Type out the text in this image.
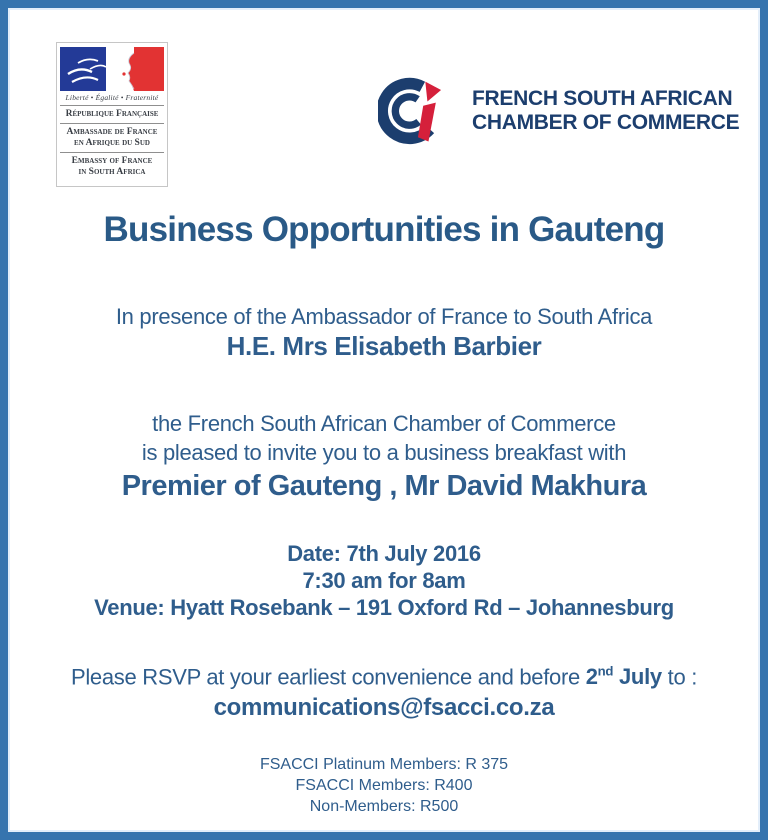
Liberté • Égalité • Fraternité
République Française
Ambassade de France
en Afrique du Sud
Embassy of France
in South Africa
FRENCH SOUTH AFRICAN
CHAMBER OF COMMERCE
Business Opportunities in Gauteng
In presence of the Ambassador of France to South Africa
H.E. Mrs Elisabeth Barbier
the French South African Chamber of Commerce
is pleased to invite you to a business breakfast with
Premier of Gauteng , Mr David Makhura
Date: 7th July 2016
7:30 am for 8am
Venue: Hyatt Rosebank – 191 Oxford Rd – Johannesburg
Please RSVP at your earliest convenience and before 2nd July to :
communications@fsacci.co.za
FSACCI Platinum Members: R 375
FSACCI Members: R400
Non-Members: R500
